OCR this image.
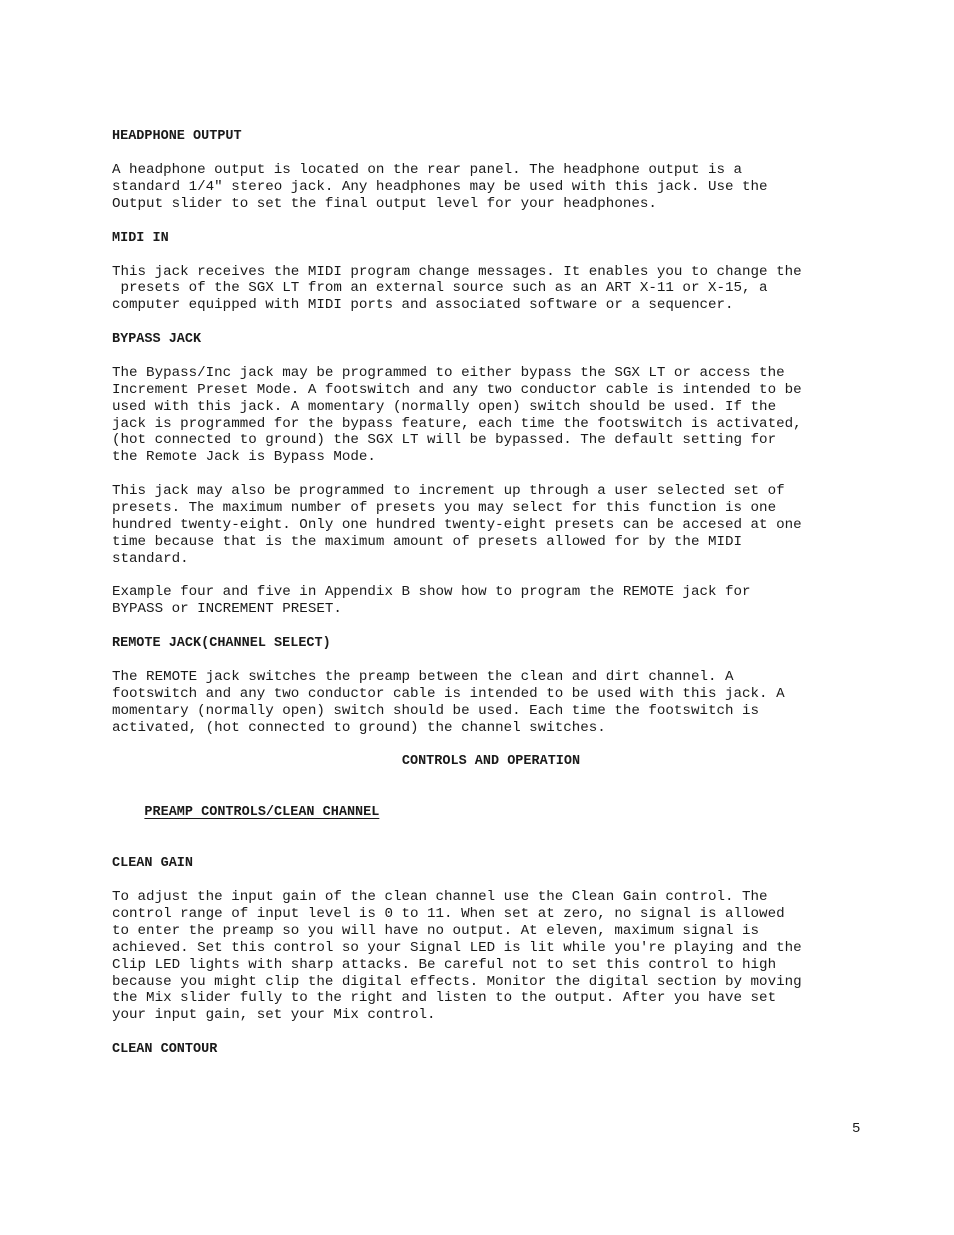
HEADPHONE OUTPUT
A headphone output is located on the rear panel. The headphone output is a
standard 1/4" stereo jack. Any headphones may be used with this jack. Use the
Output slider to set the final output level for your headphones.
MIDI IN
This jack receives the MIDI program change messages. It enables you to change the
presets of the SGX LT from an external source such as an ART X-11 or X-15, a
computer equipped with MIDI ports and associated software or a sequencer.
BYPASS JACK
The Bypass/Inc jack may be programmed to either bypass the SGX LT or access the
Increment Preset Mode. A footswitch and any two conductor cable is intended to be
used with this jack. A momentary (normally open) switch should be used. If the
jack is programmed for the bypass feature, each time the footswitch is activated,
(hot connected to ground) the SGX LT will be bypassed. The default setting for
the Remote Jack is Bypass Mode.
This jack may also be programmed to increment up through a user selected set of
presets. The maximum number of presets you may select for this function is one
hundred twenty-eight. Only one hundred twenty-eight presets can be accesed at one
time because that is the maximum amount of presets allowed for by the MIDI
standard.
Example four and five in Appendix B show how to program the REMOTE jack for
BYPASS or INCREMENT PRESET.
REMOTE JACK(CHANNEL SELECT)
The REMOTE jack switches the preamp between the clean and dirt channel. A
footswitch and any two conductor cable is intended to be used with this jack. A
momentary (normally open) switch should be used. Each time the footswitch is
activated, (hot connected to ground) the channel switches.
CONTROLS AND OPERATION

PREAMP CONTROLS/CLEAN CHANNEL

CLEAN GAIN
To adjust the input gain of the clean channel use the Clean Gain control. The
control range of input level is 0 to 11. When set at zero, no signal is allowed
to enter the preamp so you will have no output. At eleven, maximum signal is
achieved. Set this control so your Signal LED is lit while you're playing and the
Clip LED lights with sharp attacks. Be careful not to set this control to high
because you might clip the digital effects. Monitor the digital section by moving
the Mix slider fully to the right and listen to the output. After you have set
your input gain, set your Mix control.
CLEAN CONTOUR
5
